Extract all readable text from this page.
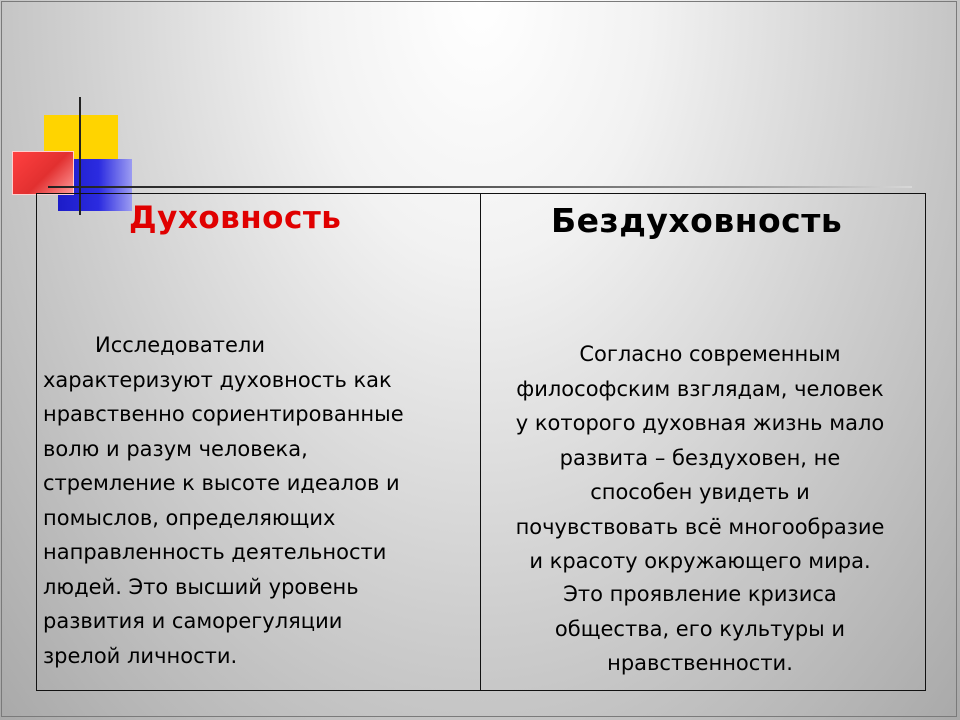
Духовность

Исследователи
характеризуют духовность как
нравственно сориентированные
волю и разум человека,
стремление к высоте идеалов и
помыслов, определяющих
направленность деятельности
людей. Это высший уровень
развития и саморегуляции
зрелой личности.

Бездуховность

Согласно современным
философским взглядам, человек
у которого духовная жизнь мало
развита – бездуховен, не
способен увидеть и
почувствовать всё многообразие
и красоту окружающего мира.

Это проявление кризиса
общества, его культуры и
нравственности.
